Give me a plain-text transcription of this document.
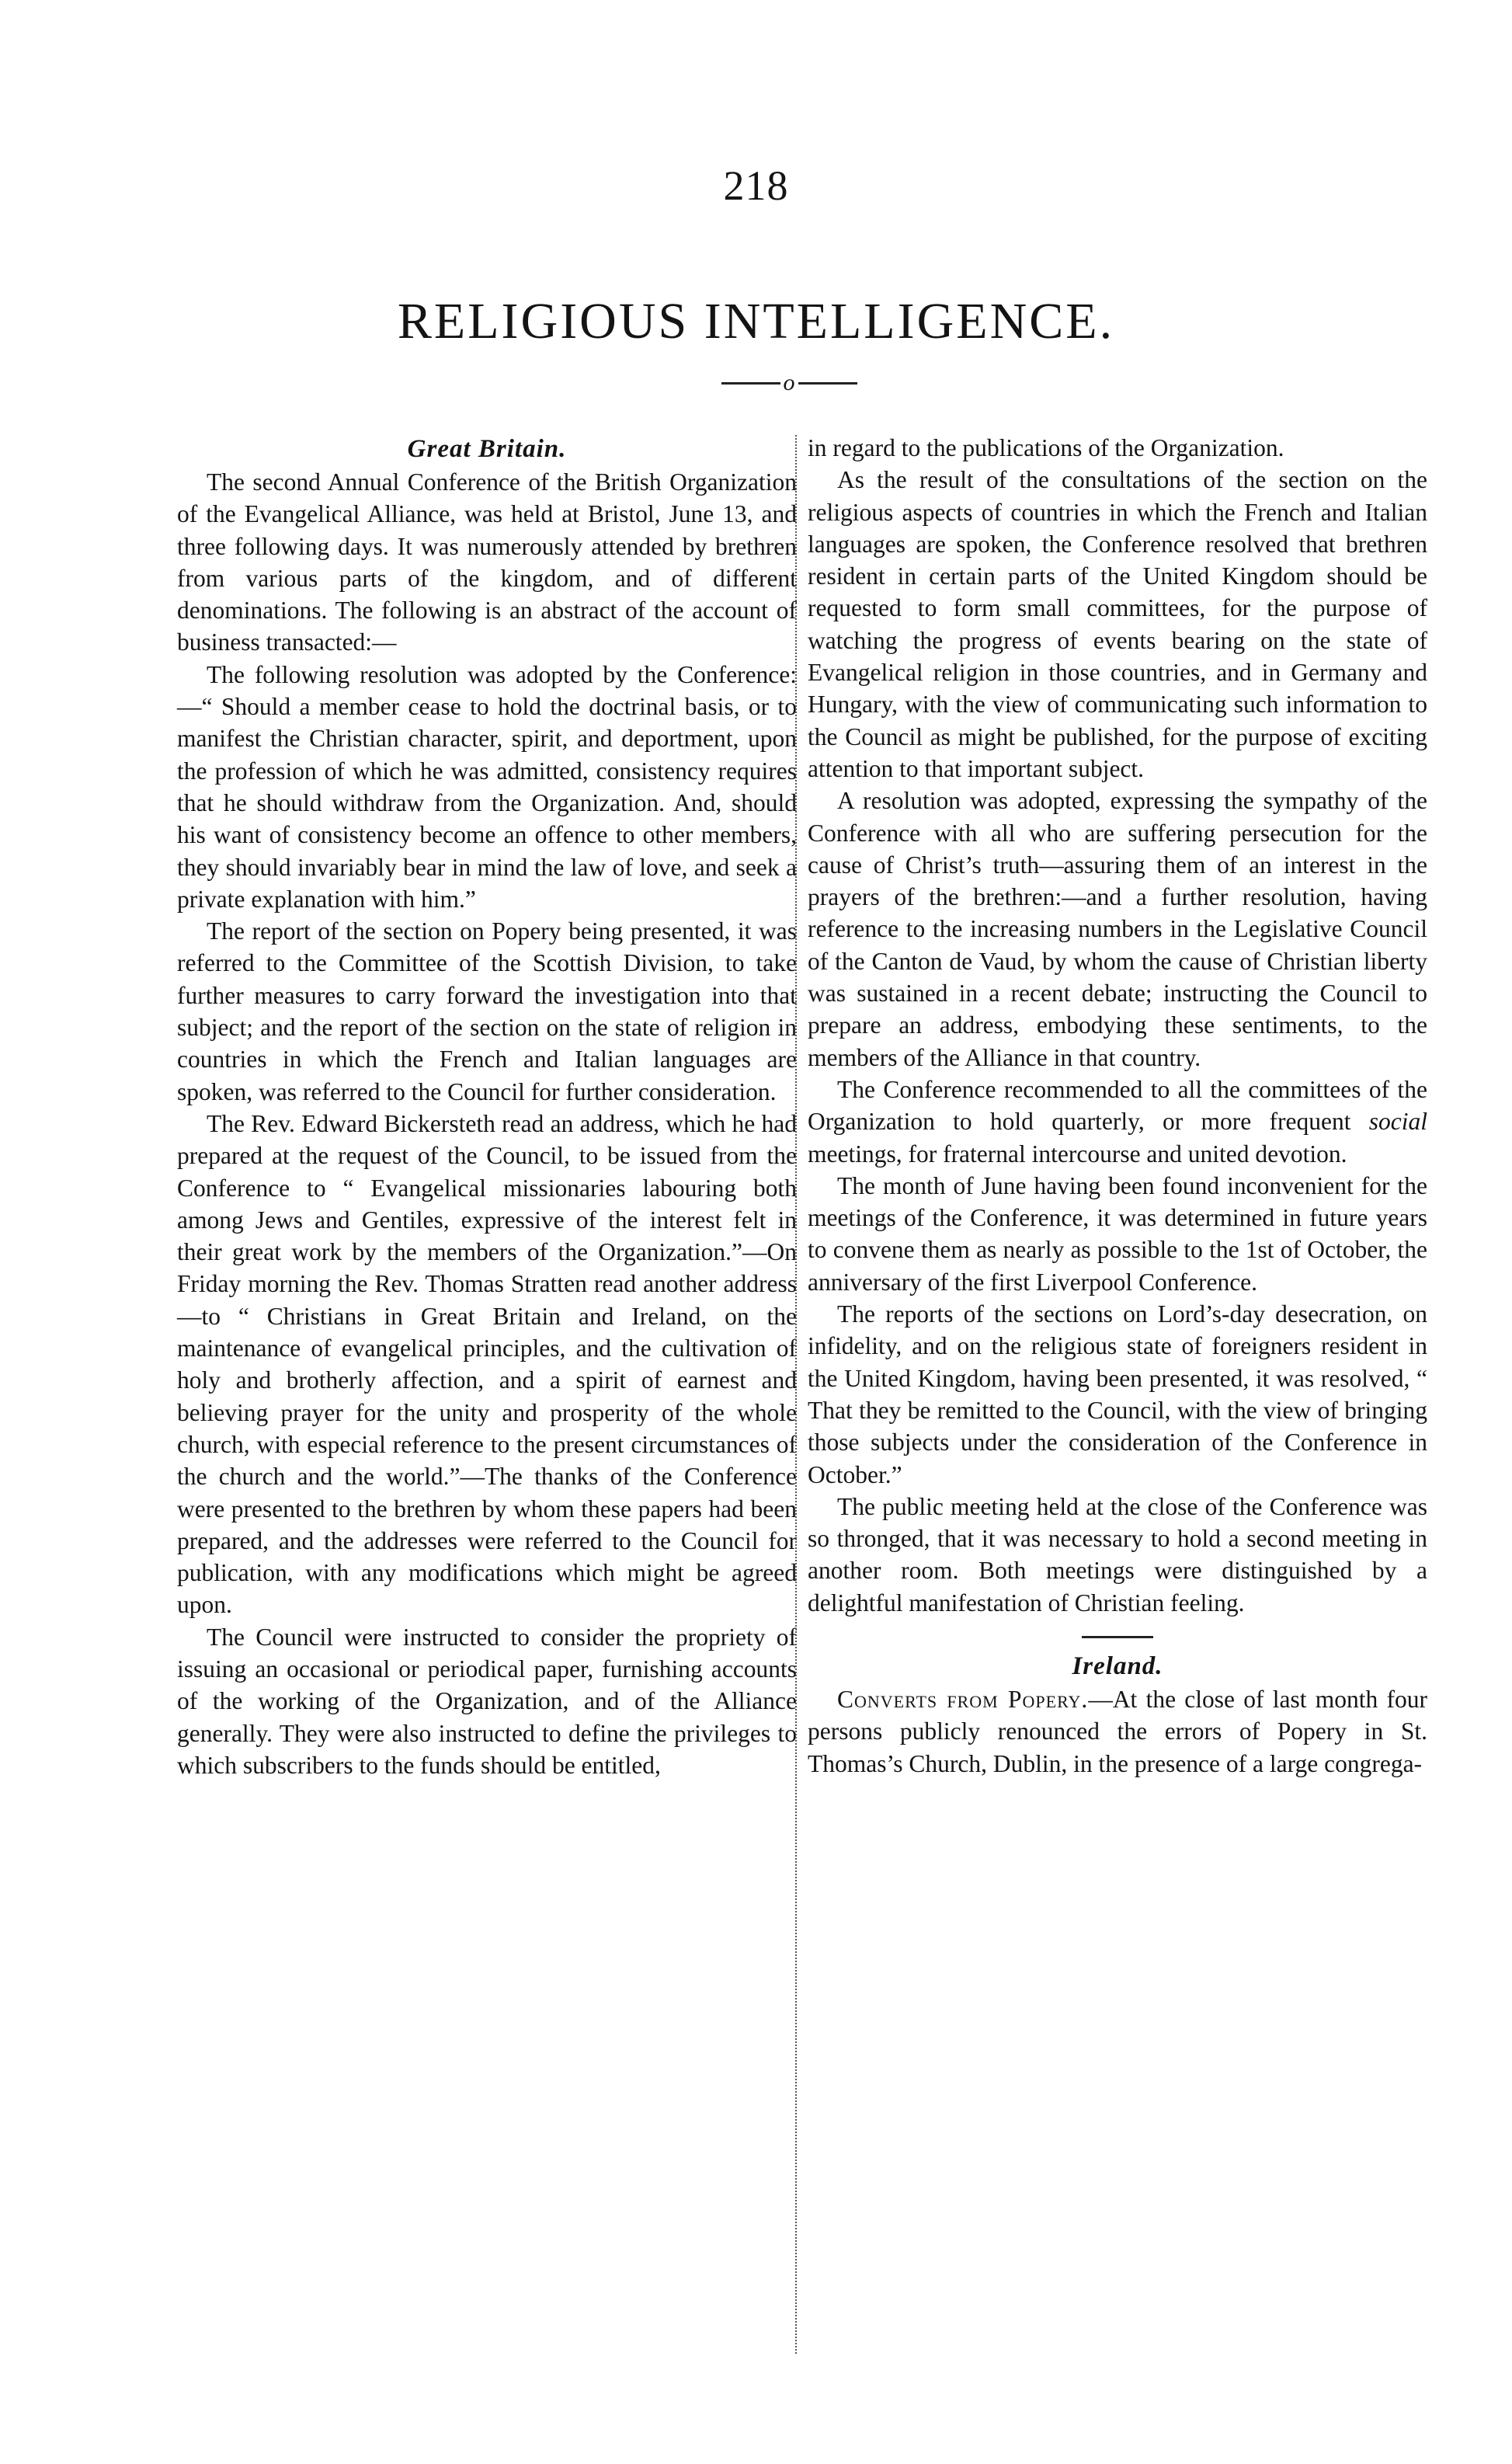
218
RELIGIOUS INTELLIGENCE.
o
Great Britain.

The second Annual Conference of the British Organization of the Evangelical Alliance, was held at Bristol, June 13, and three following days. It was numerously attended by brethren from various parts of the kingdom, and of different denominations. The following is an abstract of the account of business transacted:—

The following resolution was adopted by the Conference:—“ Should a member cease to hold the doctrinal basis, or to manifest the Christian character, spirit, and deportment, upon the profession of which he was admitted, consistency requires that he should withdraw from the Organization. And, should his want of consistency become an offence to other members, they should invariably bear in mind the law of love, and seek a private explanation with him.”

The report of the section on Popery being presented, it was referred to the Committee of the Scottish Division, to take further measures to carry forward the investigation into that subject; and the report of the section on the state of religion in countries in which the French and Italian languages are spoken, was referred to the Council for further consideration.

The Rev. Edward Bickersteth read an address, which he had prepared at the request of the Council, to be issued from the Conference to “ Evangelical missionaries labouring both among Jews and Gentiles, expressive of the interest felt in their great work by the members of the Organization.”—On Friday morning the Rev. Thomas Stratten read another address—to “ Christians in Great Britain and Ireland, on the maintenance of evangelical principles, and the cultivation of holy and brotherly affection, and a spirit of earnest and believing prayer for the unity and prosperity of the whole church, with especial reference to the present circumstances of the church and the world.”—The thanks of the Conference were presented to the brethren by whom these papers had been prepared, and the addresses were referred to the Council for publication, with any modifications which might be agreed upon.

The Council were instructed to consider the propriety of issuing an occasional or periodical paper, furnishing accounts of the working of the Organization, and of the Alliance generally. They were also instructed to define the privileges to which subscribers to the funds should be entitled,

in regard to the publications of the Organization.

As the result of the consultations of the section on the religious aspects of countries in which the French and Italian languages are spoken, the Conference resolved that brethren resident in certain parts of the United Kingdom should be requested to form small committees, for the purpose of watching the progress of events bearing on the state of Evangelical religion in those countries, and in Germany and Hungary, with the view of communicating such information to the Council as might be published, for the purpose of exciting attention to that important subject.

A resolution was adopted, expressing the sympathy of the Conference with all who are suffering persecution for the cause of Christ’s truth—assuring them of an interest in the prayers of the brethren:—and a further resolution, having reference to the increasing numbers in the Legislative Council of the Canton de Vaud, by whom the cause of Christian liberty was sustained in a recent debate; instructing the Council to prepare an address, embodying these sentiments, to the members of the Alliance in that country.

The Conference recommended to all the committees of the Organization to hold quarterly, or more frequent social meetings, for fraternal intercourse and united devotion.

The month of June having been found inconvenient for the meetings of the Conference, it was determined in future years to convene them as nearly as possible to the 1st of October, the anniversary of the first Liverpool Conference.

The reports of the sections on Lord’s-day desecration, on infidelity, and on the religious state of foreigners resident in the United Kingdom, having been presented, it was resolved, “ That they be remitted to the Council, with the view of bringing those subjects under the consideration of the Conference in October.”

The public meeting held at the close of the Conference was so thronged, that it was necessary to hold a second meeting in another room. Both meetings were distinguished by a delightful manifestation of Christian feeling.

Ireland.

Converts from Popery.—At the close of last month four persons publicly renounced the errors of Popery in St. Thomas’s Church, Dublin, in the presence of a large congrega-
